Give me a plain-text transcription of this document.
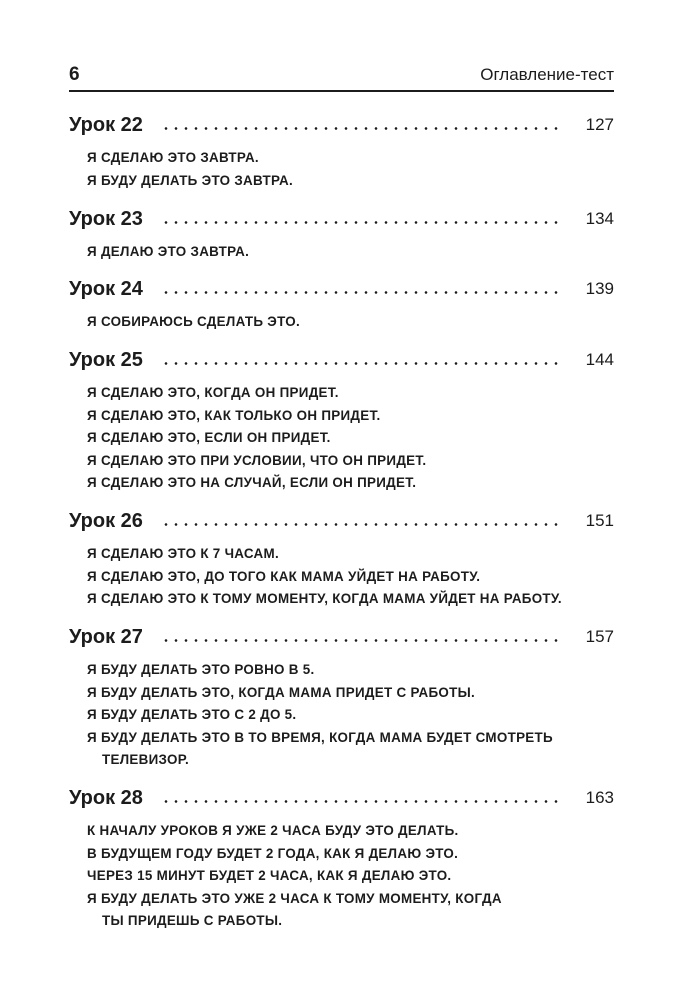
6	Оглавление-тест
Урок 22	127
Я СДЕЛАЮ ЭТО ЗАВТРА.
Я БУДУ ДЕЛАТЬ ЭТО ЗАВТРА.
Урок 23	134
Я ДЕЛАЮ ЭТО ЗАВТРА.
Урок 24	139
Я СОБИРАЮСЬ СДЕЛАТЬ ЭТО.
Урок 25	144
Я СДЕЛАЮ ЭТО, КОГДА ОН ПРИДЕТ.
Я СДЕЛАЮ ЭТО, КАК ТОЛЬКО ОН ПРИДЕТ.
Я СДЕЛАЮ ЭТО, ЕСЛИ ОН ПРИДЕТ.
Я СДЕЛАЮ ЭТО ПРИ УСЛОВИИ, ЧТО ОН ПРИДЕТ.
Я СДЕЛАЮ ЭТО НА СЛУЧАЙ, ЕСЛИ ОН ПРИДЕТ.
Урок 26	151
Я СДЕЛАЮ ЭТО К 7 ЧАСАМ.
Я СДЕЛАЮ ЭТО, ДО ТОГО КАК МАМА УЙДЕТ НА РАБОТУ.
Я СДЕЛАЮ ЭТО К ТОМУ МОМЕНТУ, КОГДА МАМА УЙДЕТ НА РАБОТУ.
Урок 27	157
Я БУДУ ДЕЛАТЬ ЭТО РОВНО В 5.
Я БУДУ ДЕЛАТЬ ЭТО, КОГДА МАМА ПРИДЕТ С РАБОТЫ.
Я БУДУ ДЕЛАТЬ ЭТО С 2 ДО 5.
Я БУДУ ДЕЛАТЬ ЭТО В ТО ВРЕМЯ, КОГДА МАМА БУДЕТ СМОТРЕТЬ
ТЕЛЕВИЗОР.
Урок 28	163
К НАЧАЛУ УРОКОВ Я УЖЕ 2 ЧАСА БУДУ ЭТО ДЕЛАТЬ.
В БУДУЩЕМ ГОДУ БУДЕТ 2 ГОДА, КАК Я ДЕЛАЮ ЭТО.
ЧЕРЕЗ 15 МИНУТ БУДЕТ 2 ЧАСА, КАК Я ДЕЛАЮ ЭТО.
Я БУДУ ДЕЛАТЬ ЭТО УЖЕ 2 ЧАСА К ТОМУ МОМЕНТУ, КОГДА
ТЫ ПРИДЕШЬ С РАБОТЫ.
